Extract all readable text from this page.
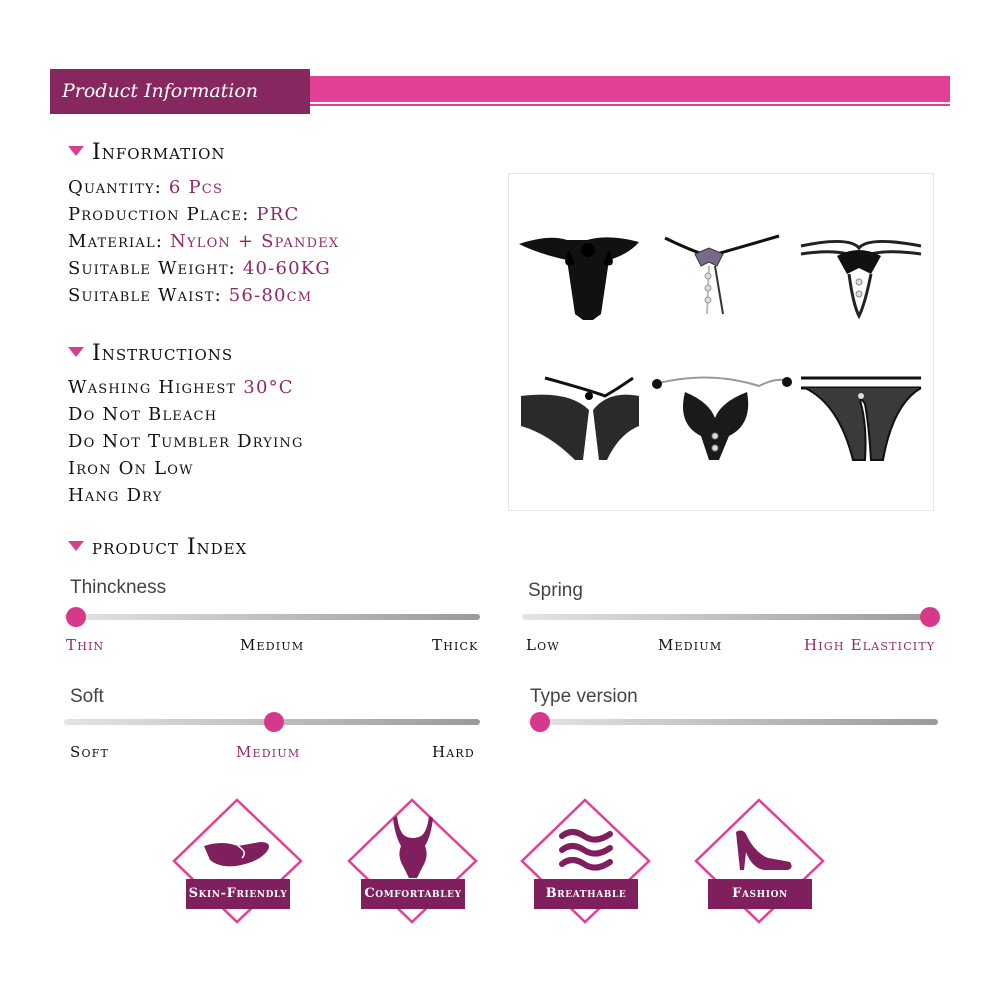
Product Information
Information
Quantity: 6 Pcs
Production Place: PRC
Material: Nylon + Spandex
Suitable Weight: 40-60KG
Suitable Waist: 56-80cm
Instructions
Washing Highest 30°C
Do Not Bleach
Do Not Tumbler Drying
Iron On Low
Hang Dry
product Index
Thinckness
Thin	Medium	Thick
Spring
Low	Medium	High Elasticity
Soft
Soft	Medium	Hard
Type version
Skin-Friendly	Comfortabley	Breathable	Fashion
